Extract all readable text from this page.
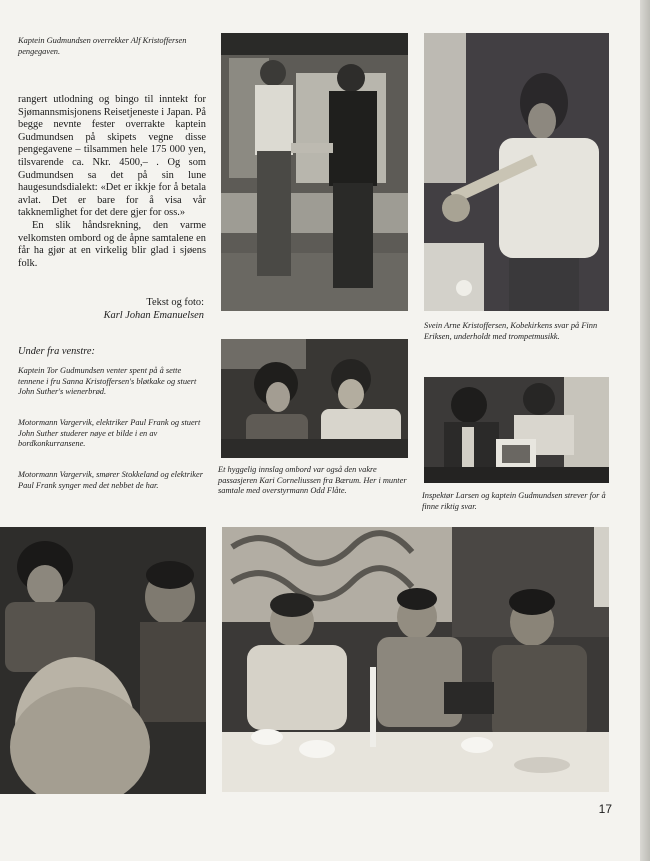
Kaptein Gudmundsen overrekker Alf Kristoffersen pengegaven.

rangert utlodning og bingo til inntekt for Sjømannsmisjonens Reisetjeneste i Japan. På begge nevnte fester overrakte kaptein Gudmundsen på skipets vegne disse pengegavene – tilsammen hele 175 000 yen, tilsvarende ca. Nkr. 4500,– . Og som Gudmundsen sa det på sin lune haugesundsdialekt: «Det er ikkje for å betala avlat. Det er bare for å visa vår takknemlighet for det dere gjer for oss.»

En slik håndsrekning, den varme velkomsten ombord og de åpne samtalene en får ha gjør at en virkelig blir glad i sjøens folk.

Tekst og foto:
Karl Johan Emanuelsen
Under fra venstre:
Kaptein Tor Gudmundsen venter spent på å sette tennene i fru Sanna Kristoffersen's bløtkake og stuert John Suther's wienerbrød.
Motormann Vargervik, elektriker Paul Frank og stuert John Suther studerer nøye et bilde i en av bordkonkurransene.
Motormann Vargervik, smører Stokkeland og elektriker Paul Frank synger med det nebbet de har.
Svein Arne Kristoffersen, Kobekirkens svar på Finn Eriksen, underholdt med trompetmusikk.
Et hyggelig innslag ombord var også den vakre passasjeren Kari Corneliussen fra Bærum. Her i munter samtale med overstyrmann Odd Flåte.
Inspektør Larsen og kaptein Gudmundsen strever for å finne riktig svar.
17
